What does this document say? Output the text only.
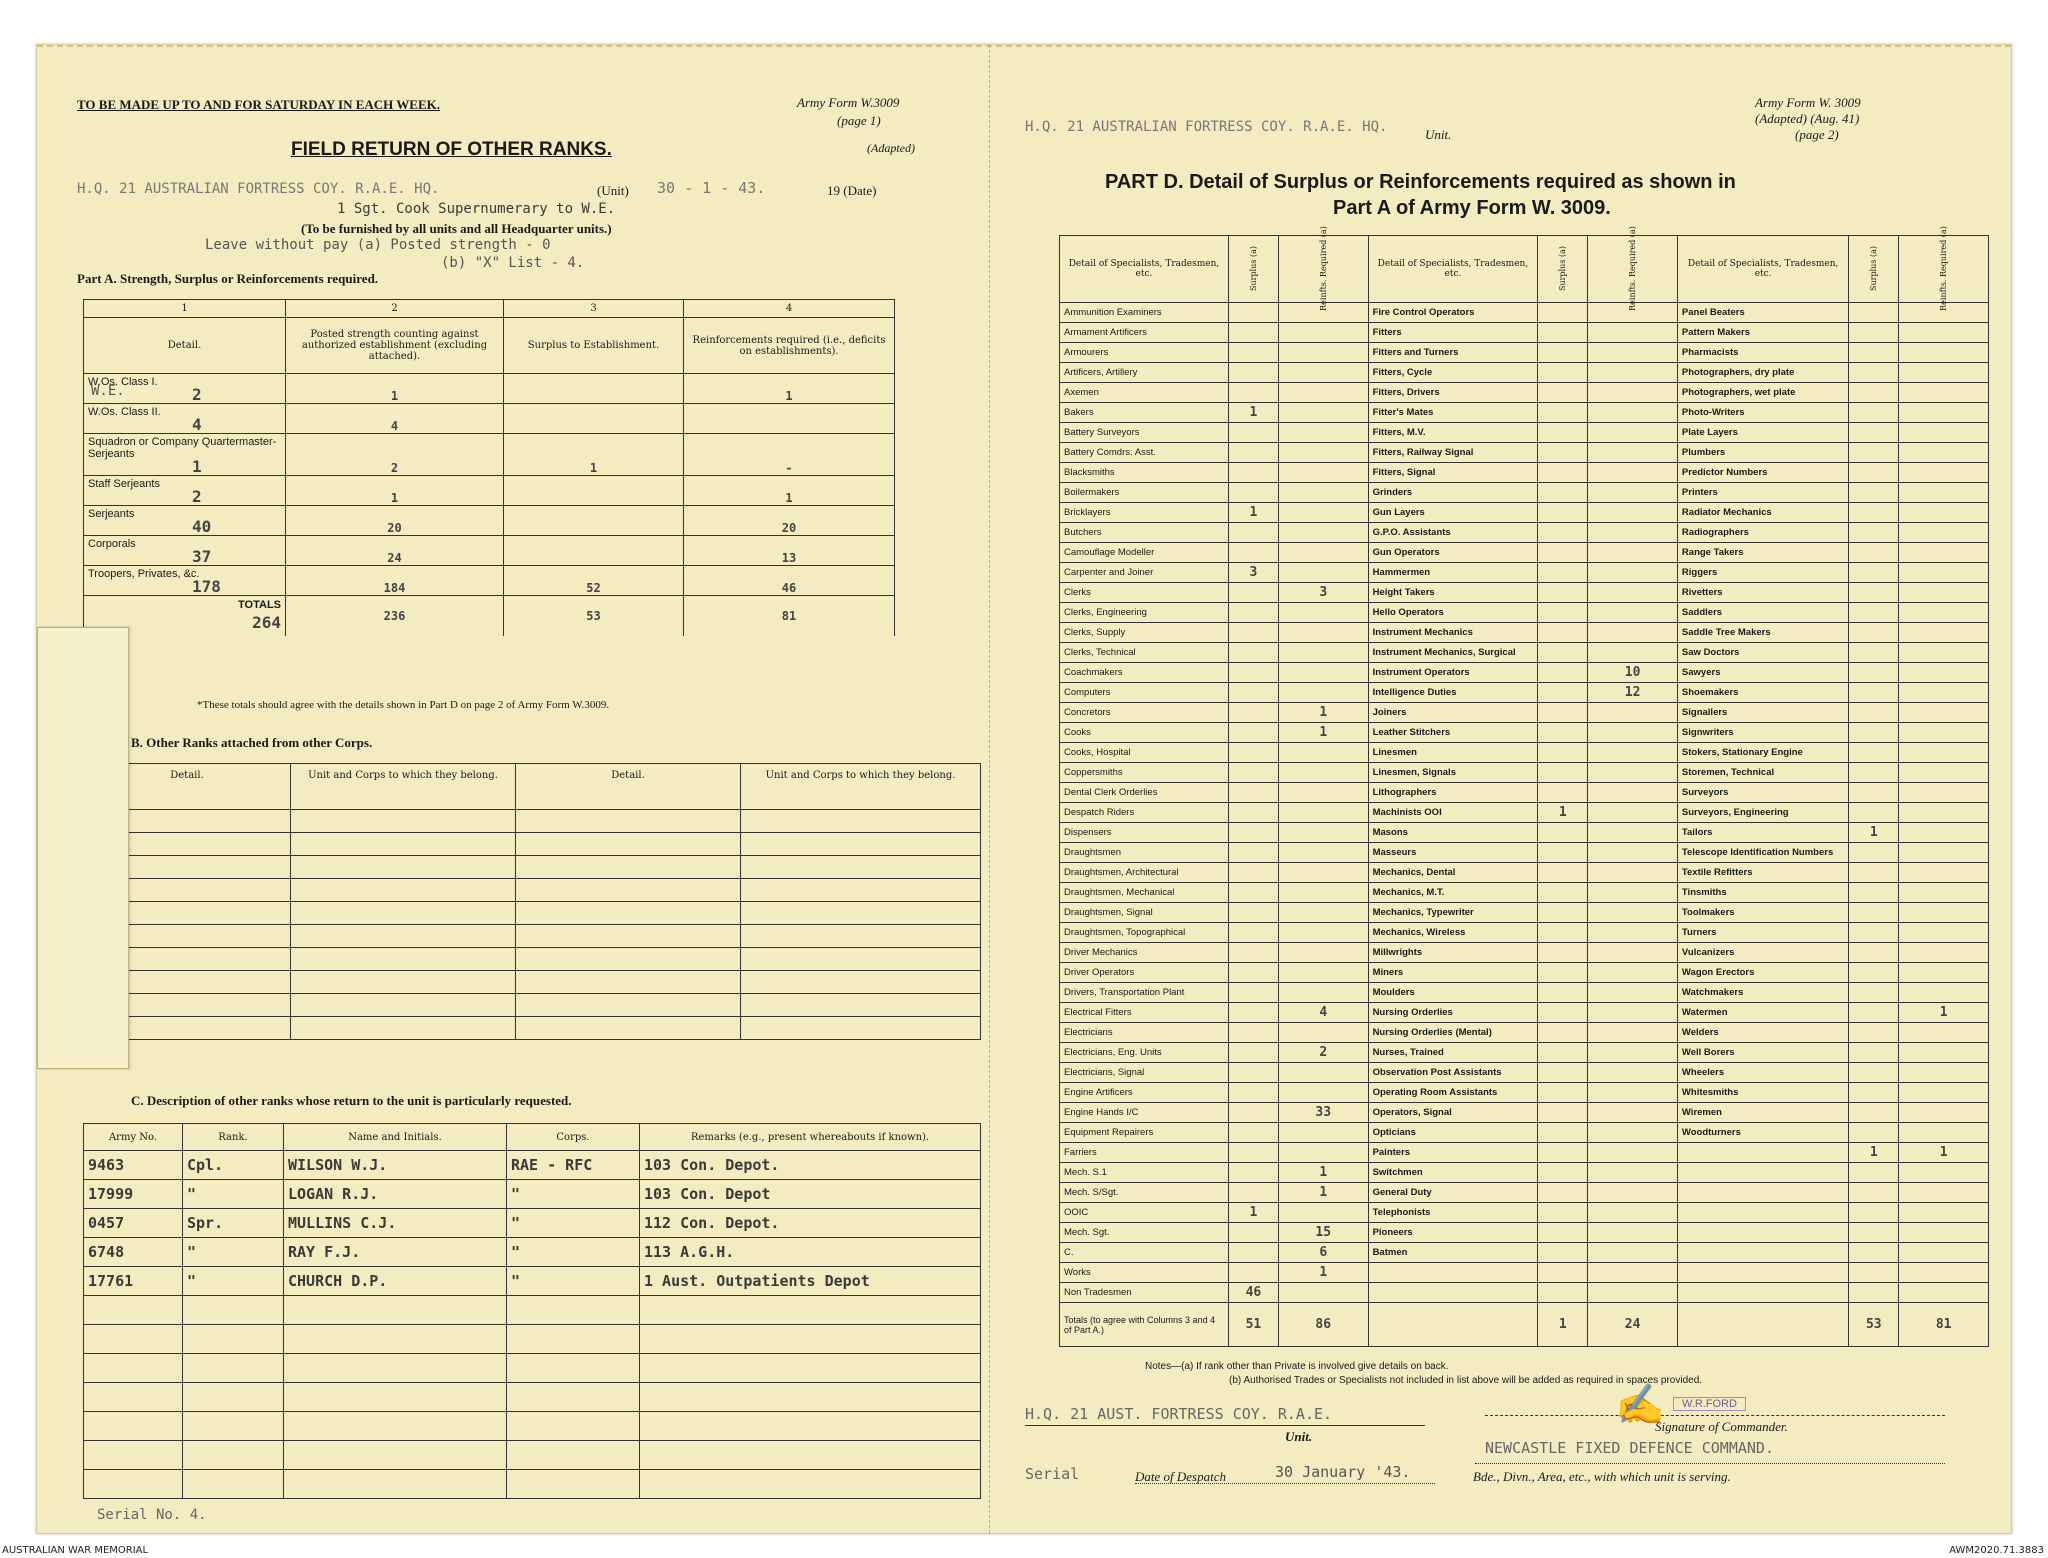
TO BE MADE UP TO AND FOR SATURDAY IN EACH WEEK.	Army Form W.3009
(page 1)
(Adapted)
FIELD RETURN OF OTHER RANKS.
H.Q. 21 AUSTRALIAN FORTRESS COY. R.A.E. HQ.	(Unit) 30 - 1 - 43.	19 (Date)
1 Sgt. Cook Supernumerary to W.E.
(To be furnished by all units and all Headquarter units.)
Leave without pay (a) Posted strength - 0
(b) "X" List - 4.
Part A. Strength, Surplus or Reinforcements required.
1	2	3	4
Detail.	Posted strength counting against authorized establishment (excluding attached).	Surplus to Establishment.	Reinforcements required (i.e., deficits on establishments).

W.Os. Class I.
2	1		1

W.Os. Class II.
4	4		

Squadron or Company Quartermaster-Serjeants
1	2	1	-

Staff Serjeants
2	1		1

Serjeants
40	20		20

Corporals
37	24		13

Troopers, Privates, &c.
178	184	52	46

TOTALS

264	236	53	81
W.E.
*These totals should agree with the details shown in Part D on page 2 of Army Form W.3009.
B. Other Ranks attached from other Corps.
Detail.	Unit and Corps to which they belong.	Detail.	Unit and Corps to which they belong.

C. Description of other ranks whose return to the unit is particularly requested.
Army No.	Rank.	Name and Initials.	Corps.	Remarks (e.g., present whereabouts if known).
9463	Cpl.	WILSON W.J.	RAE - RFC	103 Con. Depot.
17999	"	LOGAN R.J.	"	103 Con. Depot
0457	Spr.	MULLINS C.J.	"	112 Con. Depot.
6748	"	RAY F.J.	"	113 A.G.H.
17761	"	CHURCH D.P.	"	1 Aust. Outpatients Depot

Serial No. 4.
H.Q. 21 AUSTRALIAN FORTRESS COY. R.A.E. HQ.	Unit.
Army Form W. 3009
(Adapted) (Aug. 41)
(page 2)
PART D. Detail of Surplus or Reinforcements required as shown in
Part A of Army Form W. 3009.
Detail of Specialists, Tradesmen, etc.	Surplus (a)	Reinfts. Required (a)	Detail of Specialists, Tradesmen, etc.	Surplus (a)	Reinfts. Required (a)	Detail of Specialists, Tradesmen, etc.	Surplus (a)	Reinfts. Required (a)
Ammunition Examiners			Fire Control Operators			Panel Beaters		
Armament Artificers			Fitters			Pattern Makers		
Armourers			Fitters and Turners			Pharmacists		
Artificers, Artillery			Fitters, Cycle			Photographers, dry plate		
Axemen			Fitters, Drivers			Photographers, wet plate		
Bakers	1		Fitter's Mates			Photo-Writers		
Battery Surveyors			Fitters, M.V.			Plate Layers		
Battery Comdrs. Asst.			Fitters, Railway Signal			Plumbers		
Blacksmiths			Fitters, Signal			Predictor Numbers		
Boilermakers			Grinders			Printers		
Bricklayers	1		Gun Layers			Radiator Mechanics		
Butchers			G.P.O. Assistants			Radiographers		
Camouflage Modeller			Gun Operators			Range Takers		
Carpenter and Joiner	3		Hammermen			Riggers		
Clerks		3	Height Takers			Rivetters		
Clerks, Engineering			Hello Operators			Saddlers		
Clerks, Supply			Instrument Mechanics			Saddle Tree Makers		
Clerks, Technical			Instrument Mechanics, Surgical			Saw Doctors		
Coachmakers			Instrument Operators		10	Sawyers		
Computers			Intelligence Duties		12	Shoemakers		
Concretors		1	Joiners			Signallers		
Cooks		1	Leather Stitchers			Signwriters		
Cooks, Hospital			Linesmen			Stokers, Stationary Engine		
Coppersmiths			Linesmen, Signals			Storemen, Technical		
Dental Clerk Orderlies			Lithographers			Surveyors		
Despatch Riders			Machinists OOI	1		Surveyors, Engineering		
Dispensers			Masons			Tailors	1	
Draughtsmen			Masseurs			Telescope Identification Numbers		
Draughtsmen, Architectural			Mechanics, Dental			Textile Refitters		
Draughtsmen, Mechanical			Mechanics, M.T.			Tinsmiths		
Draughtsmen, Signal			Mechanics, Typewriter			Toolmakers		
Draughtsmen, Topographical			Mechanics, Wireless			Turners		
Driver Mechanics			Millwrights			Vulcanizers		
Driver Operators			Miners			Wagon Erectors		
Drivers, Transportation Plant			Moulders			Watchmakers		
Electrical Fitters		4	Nursing Orderlies			Watermen		1
Electricians			Nursing Orderlies (Mental)			Welders		
Electricians, Eng. Units		2	Nurses, Trained			Well Borers		
Electricians, Signal			Observation Post Assistants			Wheelers		
Engine Artificers			Operating Room Assistants			Whitesmiths		
Engine Hands I/C		33	Operators, Signal			Wiremen		
Equipment Repairers			Opticians			Woodturners		
Farriers			Painters				1	1
Mech. S.1		1	Switchmen					
Mech. S/Sgt.		1	General Duty					
OOIC	1		Telephonists					
Mech. Sgt.		15	Pioneers					
C.		6	Batmen					
Works		1						
Non Tradesmen	46							
Totals (to agree with Columns 3 and 4 of Part A.)	51	86		1	24		53	81
Notes—(a) If rank other than Private is involved give details on back.
(b) Authorised Trades or Specialists not included in list above will be added as required in spaces provided.
H.Q. 21 AUST. FORTRESS COY. R.A.E.
Unit.
✍	W.R.FORD
Signature of Commander.
NEWCASTLE FIXED DEFENCE COMMAND.
Serial	Date of Despatch	30 January '43.	Bde., Divn., Area, etc., with which unit is serving.
AUSTRALIAN WAR MEMORIAL	AWM2020.71.3883
